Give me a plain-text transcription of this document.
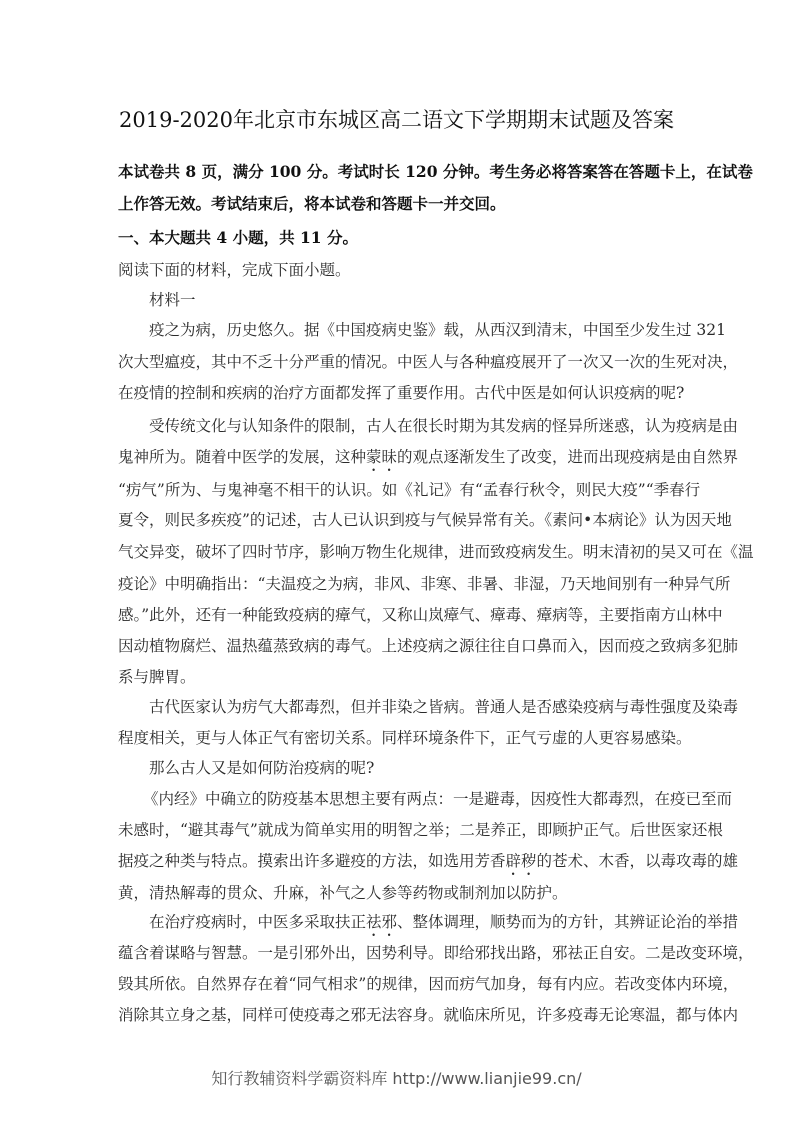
2019-2020年北京市东城区高二语文下学期期末试题及答案
本试卷共 8 页，满分 100 分。考试时长 120 分钟。考生务必将答案答在答题卡上，在试卷
上作答无效。考试结束后，将本试卷和答题卡一并交回。
一、本大题共 4 小题，共 11 分。
阅读下面的材料，完成下面小题。
材料一
疫之为病，历史悠久。据《中国疫病史鉴》载，从西汉到清末，中国至少发生过 321
次大型瘟疫，其中不乏十分严重的情况。中医人与各种瘟疫展开了一次又一次的生死对决，
在疫情的控制和疾病的治疗方面都发挥了重要作用。古代中医是如何认识疫病的呢?
受传统文化与认知条件的限制，古人在很长时期为其发病的怪异所迷惑，认为疫病是由
鬼神所为。随着中医学的发展，这种蒙昧的观点逐渐发生了改变，进而出现疫病是由自然界
“疠气”所为、与鬼神毫不相干的认识。如《礼记》有“孟春行秋令，则民大疫”“季春行
夏令，则民多疾疫”的记述，古人已认识到疫与气候异常有关。《素问•本病论》认为因天地
气交异变，破坏了四时节序，影响万物生化规律，进而致疫病发生。明末清初的吴又可在《温
疫论》中明确指出：“夫温疫之为病，非风、非寒、非暑、非湿，乃天地间别有一种异气所
感。”此外，还有一种能致疫病的瘴气，又称山岚瘴气、瘴毒、瘴病等，主要指南方山林中
因动植物腐烂、温热蕴蒸致病的毒气。上述疫病之源往往自口鼻而入，因而疫之致病多犯肺
系与脾胃。
古代医家认为疠气大都毒烈，但并非染之皆病。普通人是否感染疫病与毒性强度及染毒
程度相关，更与人体正气有密切关系。同样环境条件下，正气亏虚的人更容易感染。
那么古人又是如何防治疫病的呢?
《内经》中确立的防疫基本思想主要有两点：一是避毒，因疫性大都毒烈，在疫已至而
未感时，“避其毒气”就成为简单实用的明智之举；二是养正，即顾护正气。后世医家还根
据疫之种类与特点。摸索出许多避疫的方法，如选用芳香辟秽的苍术、木香，以毒攻毒的雄
黄，清热解毒的贯众、升麻，补气之人参等药物或制剂加以防护。
在治疗疫病时，中医多采取扶正祛邪、整体调理，顺势而为的方针，其辨证论治的举措
蕴含着谋略与智慧。一是引邪外出，因势利导。即给邪找出路，邪祛正自安。二是改变环境，
毁其所依。自然界存在着“同气相求”的规律，因而疠气加身，每有内应。若改变体内环境，
消除其立身之基，同样可使疫毒之邪无法容身。就临床所见，许多疫毒无论寒温，都与体内
知行教辅资料学霸资料库 http://www.lianjie99.cn/
